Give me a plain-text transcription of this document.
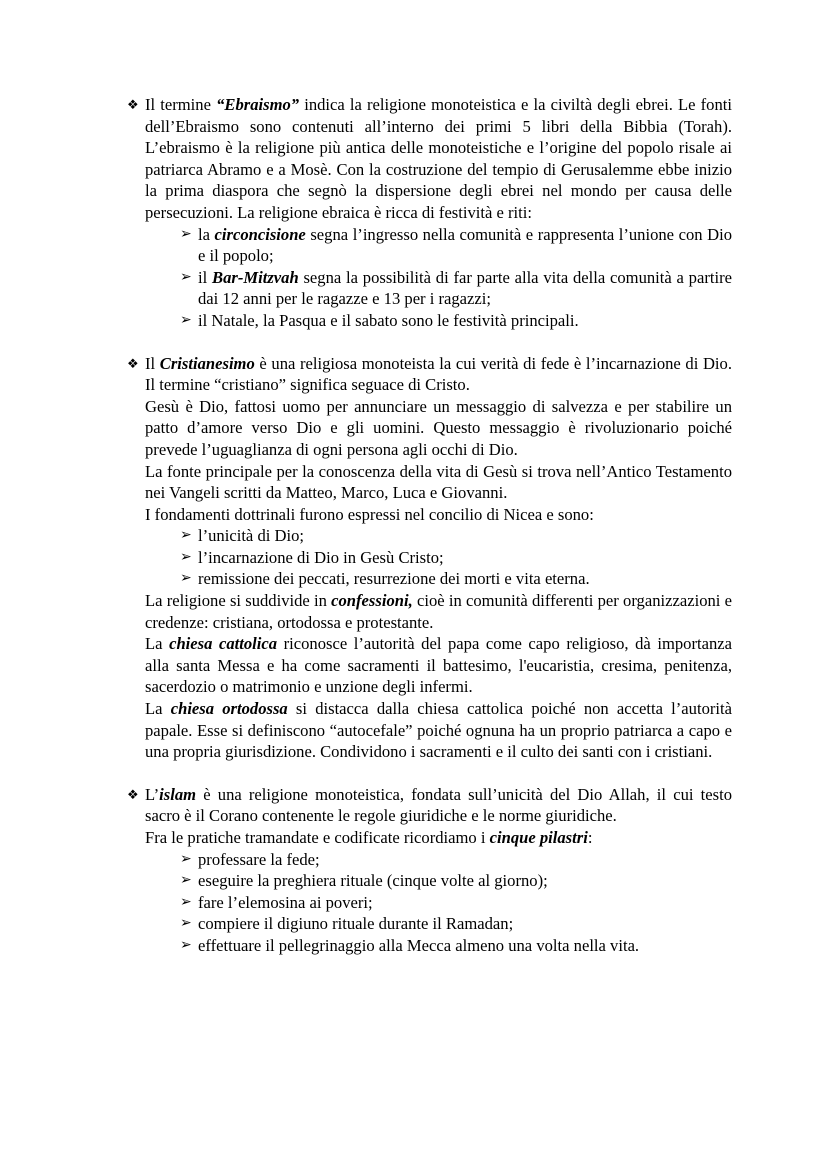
❖ Il termine “Ebraismo” indica la religione monoteistica e la civiltà degli ebrei. Le fonti dell’Ebraismo sono contenuti all’interno dei primi 5 libri della Bibbia (Torah). L’ebraismo è la religione più antica delle monoteistiche e l’origine del popolo risale ai patriarca Abramo e a Mosè. Con la costruzione del tempio di Gerusalemme ebbe inizio la prima diaspora che segnò la dispersione degli ebrei nel mondo per causa delle persecuzioni. La religione ebraica è ricca di festività e riti:

➢ la circoncisione segna l’ingresso nella comunità e rappresenta l’unione con Dio e il popolo;
➢ il Bar-Mitzvah segna la possibilità di far parte alla vita della comunità a partire dai 12 anni per le ragazze e 13 per i ragazzi;
➢ il Natale, la Pasqua e il sabato sono le festività principali.
❖ Il Cristianesimo è una religiosa monoteista la cui verità di fede è l’incarnazione di Dio. Il termine “cristiano” significa seguace di Cristo.

Gesù è Dio, fattosi uomo per annunciare un messaggio di salvezza e per stabilire un patto d’amore verso Dio e gli uomini. Questo messaggio è rivoluzionario poiché prevede l’uguaglianza di ogni persona agli occhi di Dio.

La fonte principale per la conoscenza della vita di Gesù si trova nell’Antico Testamento nei Vangeli scritti da Matteo, Marco, Luca e Giovanni.

I fondamenti dottrinali furono espressi nel concilio di Nicea e sono:

➢ l’unicità di Dio;
➢ l’incarnazione di Dio in Gesù Cristo;
➢ remissione dei peccati, resurrezione dei morti e vita eterna.

La religione si suddivide in confessioni, cioè in comunità differenti per organizzazioni e credenze: cristiana, ortodossa e protestante.

La chiesa cattolica riconosce l’autorità del papa come capo religioso, dà importanza alla santa Messa e ha come sacramenti il battesimo, l'eucaristia, cresima, penitenza, sacerdozio o matrimonio e unzione degli infermi.

La chiesa ortodossa si distacca dalla chiesa cattolica poiché non accetta l’autorità papale. Esse si definiscono “autocefale” poiché ognuna ha un proprio patriarca a capo e una propria giurisdizione. Condividono i sacramenti e il culto dei santi con i cristiani.

❖ L’islam è una religione monoteistica, fondata sull’unicità del Dio Allah, il cui testo sacro è il Corano contenente le regole giuridiche e le norme giuridiche.

Fra le pratiche tramandate e codificate ricordiamo i cinque pilastri:

➢ professare la fede;
➢ eseguire la preghiera rituale (cinque volte al giorno);
➢ fare l’elemosina ai poveri;
➢ compiere il digiuno rituale durante il Ramadan;
➢ effettuare il pellegrinaggio alla Mecca almeno una volta nella vita.
